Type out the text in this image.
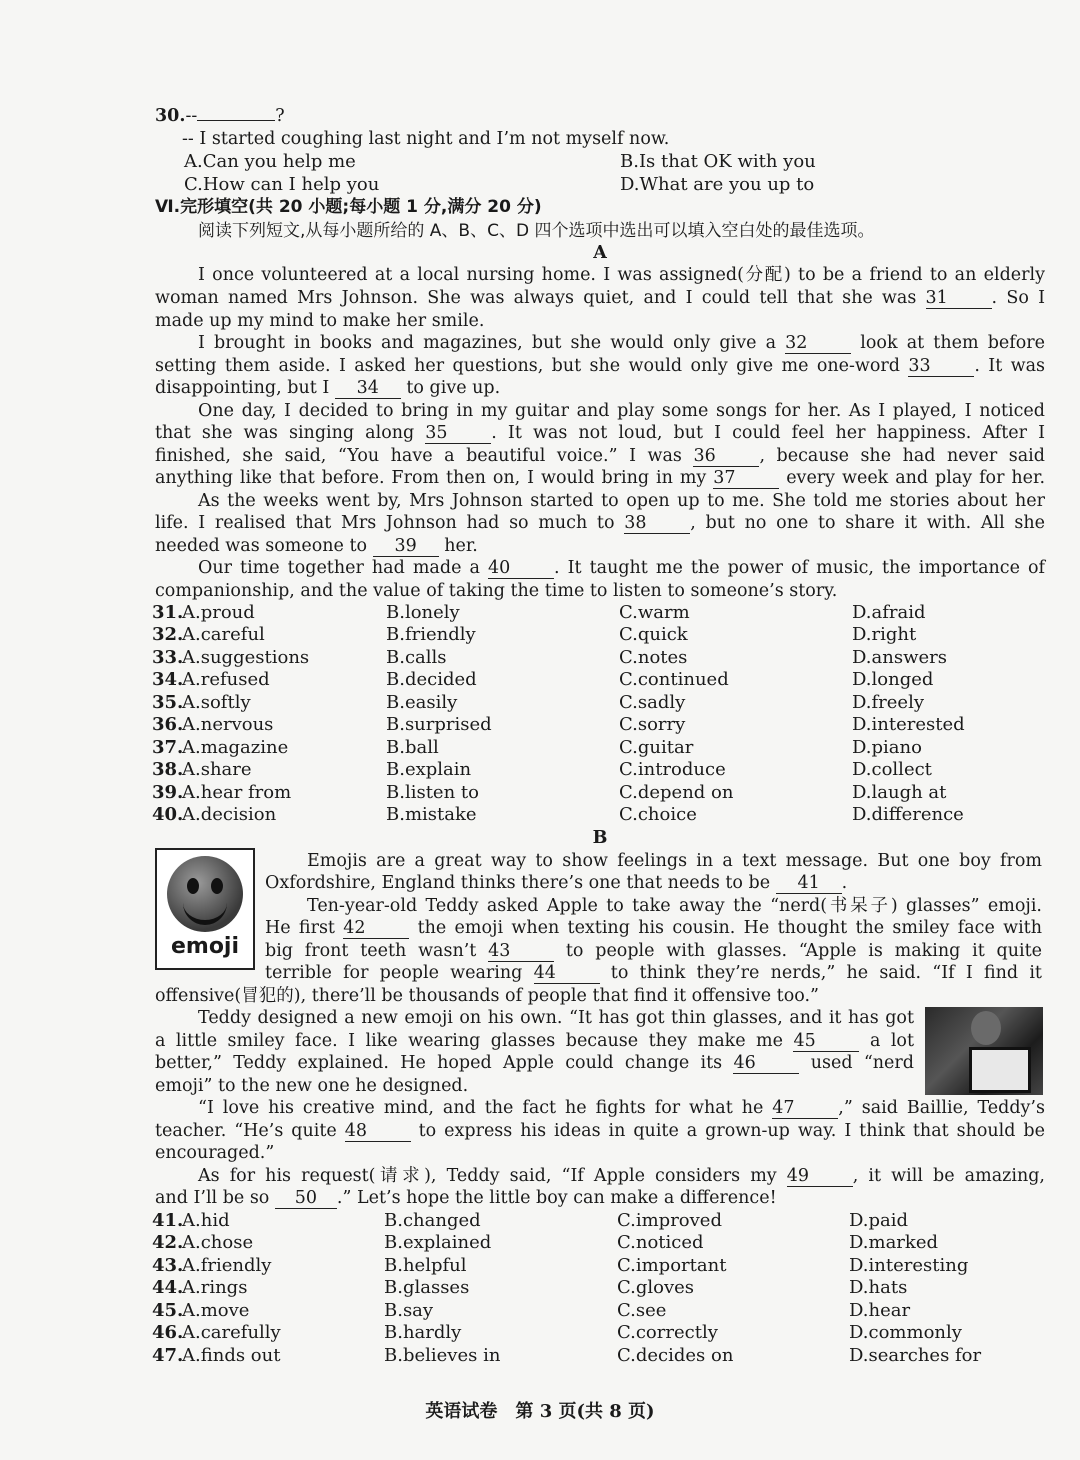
30.--	?
-- I started coughing last night and I’m not myself now.
A.Can you help me	B.Is that OK with you
C.How can I help you	D.What are you up to
Ⅵ.完形填空(共 20 小题;每小题 1 分,满分 20 分)
阅读下列短文,从每小题所给的 A、B、C、D 四个选项中选出可以填入空白处的最佳选项。
A
I once volunteered at a local nursing home. I was assigned(分配) to be a friend to an elderly
woman named Mrs Johnson. She was always quiet, and I could tell that she was 31 . So I
made up my mind to make her smile.
I brought in books and magazines, but she would only give a 32	look at them before
setting them aside. I asked her questions, but she would only give me one-word 33 . It was
disappointing, but I 34 to give up.
One day, I decided to bring in my guitar and play some songs for her. As I played, I noticed
that she was singing along 35 . It was not loud, but I could feel her happiness. After I
finished, she said, “You have a beautiful voice.” I was 36 , because she had never said
anything like that before. From then on, I would bring in my 37	every week and play for her.
As the weeks went by, Mrs Johnson started to open up to me. She told me stories about her
life. I realised that Mrs Johnson had so much to 38 , but no one to share it with. All she
needed was someone to 39 her.
Our time together had made a 40 . It taught me the power of music, the importance of
companionship, and the value of taking the time to listen to someone’s story.
31.
A.proud	B.lonely	C.warm	D.afraid
32.
A.careful	B.friendly	C.quick	D.right
33.
A.suggestions	B.calls	C.notes	D.answers
34.
A.refused	B.decided	C.continued	D.longed
35.
A.softly	B.easily	C.sadly	D.freely
36.
A.nervous	B.surprised	C.sorry	D.interested
37.
A.magazine	B.ball	C.guitar	D.piano
38.
A.share	B.explain	C.introduce	D.collect
39.
A.hear from	B.listen to	C.depend on	D.laugh at
40.
A.decision	B.mistake	C.choice	D.difference
B
emoji
Emojis are a great way to show feelings in a text message. But one boy from
Oxfordshire, England thinks there’s one that needs to be 41 .
Ten-year-old Teddy asked Apple to take away the “nerd(书呆子) glasses” emoji.
He first 42	the emoji when texting his cousin. He thought the smiley face with
big front teeth wasn’t 43	to people with glasses. “Apple is making it quite
terrible for people wearing 44	to think they’re nerds,” he said. “If I find it
offensive(冒犯的), there’ll be thousands of people that find it offensive too.”
Teddy designed a new emoji on his own. “It has got thin glasses, and it has got
a little smiley face. I like wearing glasses because they make me 45	a lot
better,” Teddy explained. He hoped Apple could change its 46	used “nerd
emoji” to the new one he designed.
“I love his creative mind, and the fact he fights for what he 47 ,” said Baillie, Teddy’s
teacher. “He’s quite 48	to express his ideas in quite a grown-up way. I think that should be
encouraged.”
As for his request(请求), Teddy said, “If Apple considers my 49 , it will be amazing,
and I’ll be so 50 .” Let’s hope the little boy can make a difference!
41.
A.hid	B.changed	C.improved	D.paid
42.
A.chose	B.explained	C.noticed	D.marked
43.
A.friendly	B.helpful	C.important	D.interesting
44.
A.rings	B.glasses	C.gloves	D.hats
45.
A.move	B.say	C.see	D.hear
46.
A.carefully	B.hardly	C.correctly	D.commonly
47.
A.finds out	B.believes in	C.decides on	D.searches for
英语试卷　第 3 页(共 8 页)
